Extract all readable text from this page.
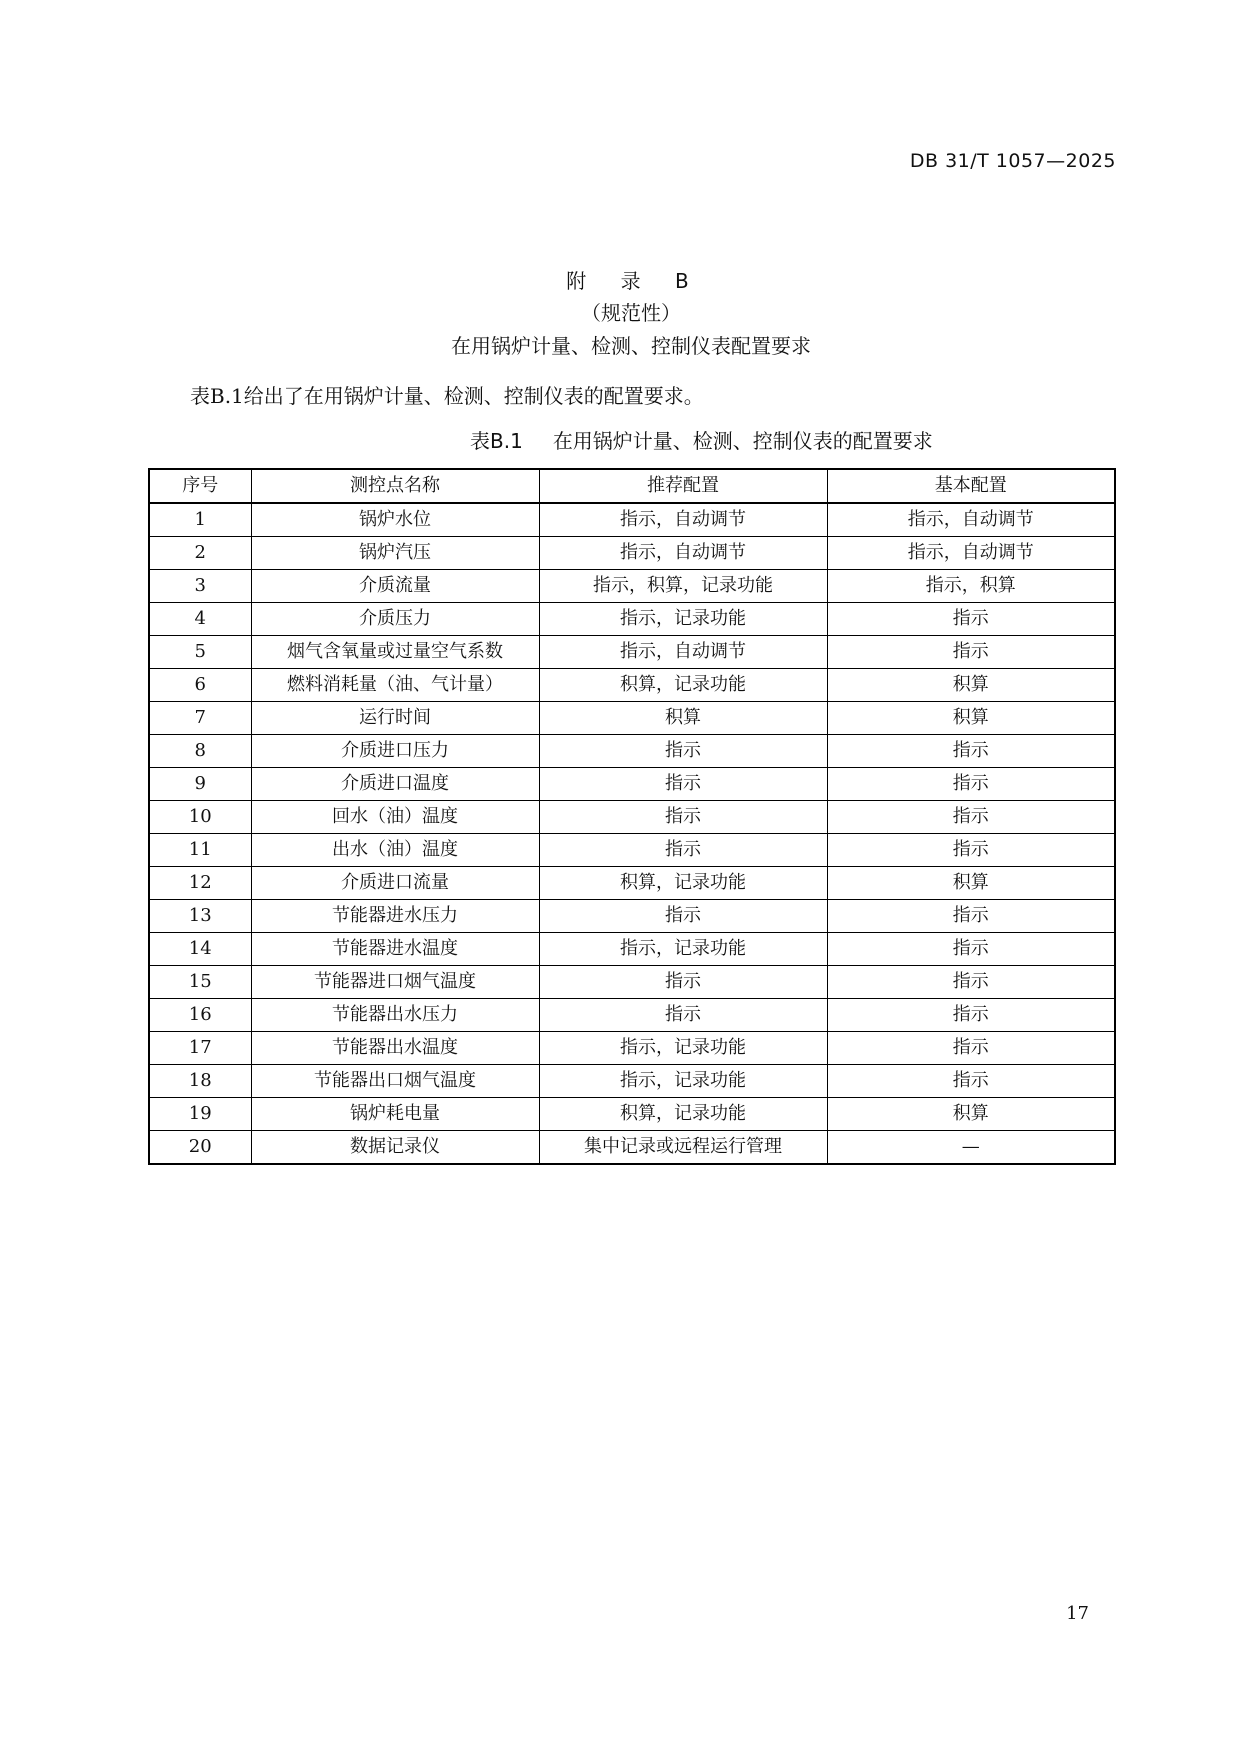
DB 31/T 1057—2025
附 录 B
（规范性）
在用锅炉计量、检测、控制仪表配置要求
表B.1给出了在用锅炉计量、检测、控制仪表的配置要求。
表B.1 在用锅炉计量、检测、控制仪表的配置要求
序号	测控点名称	推荐配置	基本配置
1	锅炉水位	指示，自动调节	指示，自动调节
2	锅炉汽压	指示，自动调节	指示，自动调节
3	介质流量	指示，积算，记录功能	指示，积算
4	介质压力	指示，记录功能	指示
5	烟气含氧量或过量空气系数	指示，自动调节	指示
6	燃料消耗量（油、气计量）	积算，记录功能	积算
7	运行时间	积算	积算
8	介质进口压力	指示	指示
9	介质进口温度	指示	指示
10	回水（油）温度	指示	指示
11	出水（油）温度	指示	指示
12	介质进口流量	积算，记录功能	积算
13	节能器进水压力	指示	指示
14	节能器进水温度	指示，记录功能	指示
15	节能器进口烟气温度	指示	指示
16	节能器出水压力	指示	指示
17	节能器出水温度	指示，记录功能	指示
18	节能器出口烟气温度	指示，记录功能	指示
19	锅炉耗电量	积算，记录功能	积算
20	数据记录仪	集中记录或远程运行管理	—
17
